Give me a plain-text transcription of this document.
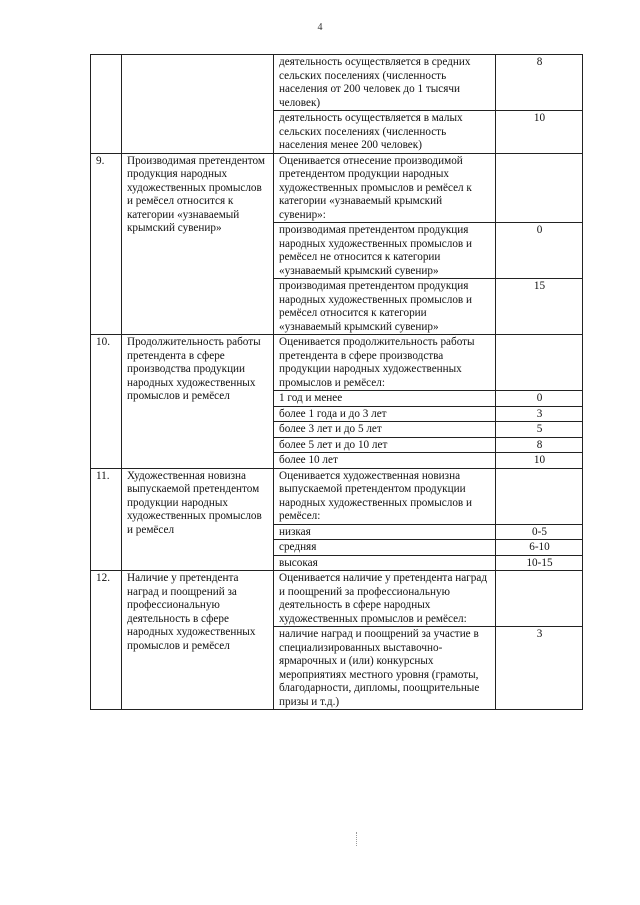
4
		деятельность осуществляется в средних сельских поселениях (численность населения от 200 человек до 1 тысячи человек)	8
		деятельность осуществляется в малых сельских поселениях (численность населения менее 200 человек)	10
9.	Производимая претендентом продукция народных художественных промыслов и ремёсел относится к категории «узнаваемый крымский сувенир»	Оценивается отнесение производимой претендентом продукции народных художественных промыслов и ремёсел к категории «узнаваемый крымский сувенир»:	
		производимая претендентом продукция народных художественных промыслов и ремёсел не относится к категории «узнаваемый крымский сувенир»	0
		производимая претендентом продукция народных художественных промыслов и ремёсел относится к категории «узнаваемый крымский сувенир»	15
10.	Продолжительность работы претендента в сфере производства продукции народных художественных промыслов и ремёсел	Оценивается продолжительность работы претендента в сфере производства продукции народных художественных промыслов и ремёсел:	
		1 год и менее	0
		более 1 года и до 3 лет	3
		более 3 лет и до 5 лет	5
		более 5 лет и до 10 лет	8
		более 10 лет	10
11.	Художественная новизна выпускаемой претендентом продукции народных художественных промыслов и ремёсел	Оценивается художественная новизна выпускаемой претендентом продукции народных художественных промыслов и ремёсел:	
		низкая	0-5
		средняя	6-10
		высокая	10-15
12.	Наличие у претендента наград и поощрений за профессиональную деятельность в сфере народных художественных промыслов и ремёсел	Оценивается наличие у претендента наград и поощрений за профессиональную деятельность в сфере народных художественных промыслов и ремёсел:	
		наличие наград и поощрений за участие в специализированных выставочно-ярмарочных и (или) конкурсных мероприятиях местного уровня (грамоты, благодарности, дипломы, поощрительные призы и т.д.)	3
